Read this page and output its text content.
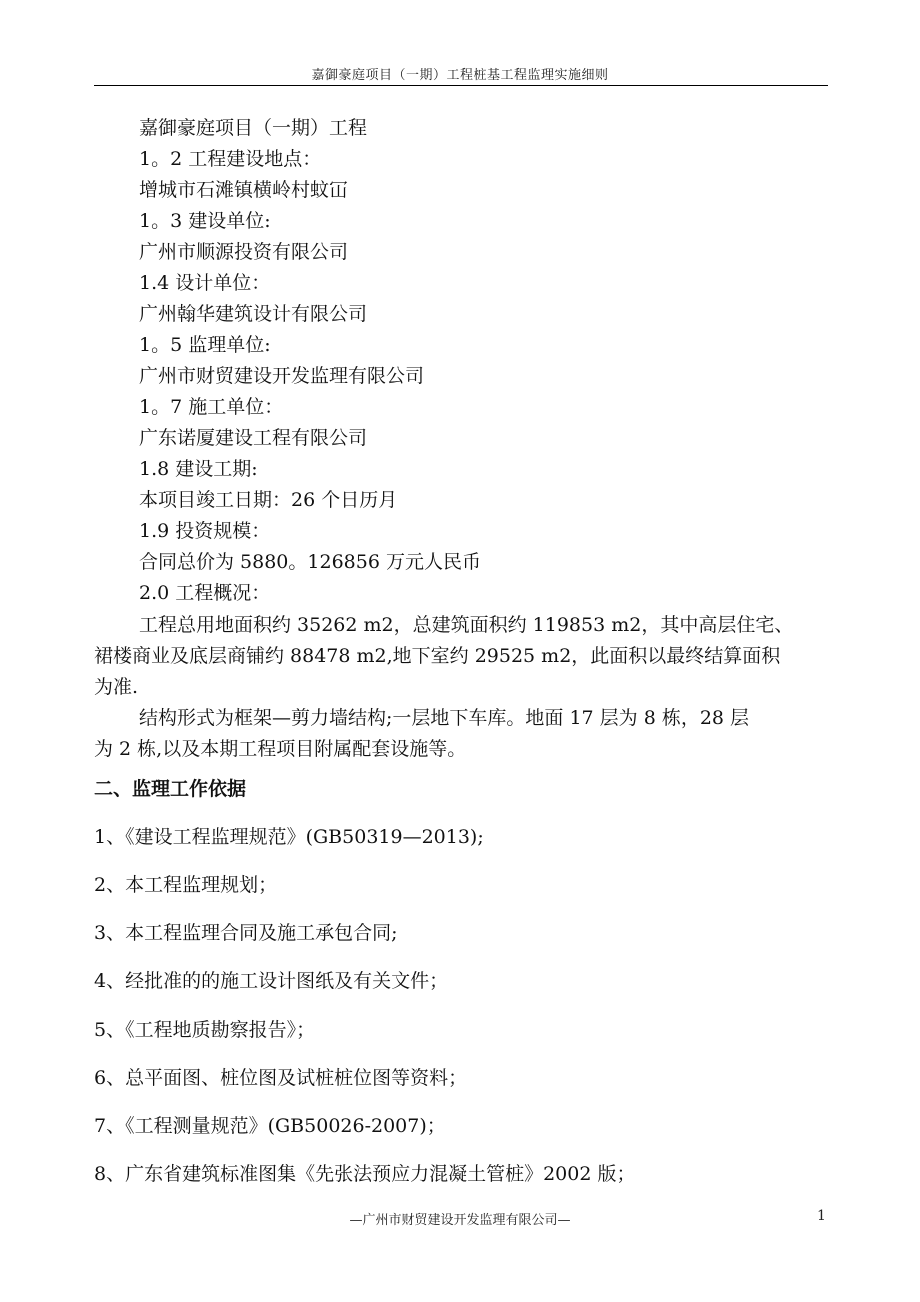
嘉御豪庭项目（一期）工程桩基工程监理实施细则
嘉御豪庭项目（一期）工程
1。2 工程建设地点：
增城市石滩镇横岭村蚊冚
1。3 建设单位:
广州市顺源投资有限公司
1.4 设计单位：
广州翰华建筑设计有限公司
1。5 监理单位:
广州市财贸建设开发监理有限公司
1。7 施工单位：
广东诺厦建设工程有限公司
1.8 建设工期:
本项目竣工日期：26 个日历月
1.9 投资规模：
合同总价为 5880。126856 万元人民币
2.0 工程概况：
工程总用地面积约 35262 m2，总建筑面积约 119853 m2，其中高层住宅、
裙楼商业及底层商铺约 88478 m2,地下室约 29525 m2，此面积以最终结算面积
为准.
结构形式为框架—剪力墙结构;一层地下车库。地面 17 层为 8 栋，28 层
为 2 栋,以及本期工程项目附属配套设施等。
二、监理工作依据
1、《建设工程监理规范》(GB50319—2013);
2、本工程监理规划；
3、本工程监理合同及施工承包合同;
4、经批准的的施工设计图纸及有关文件；
5、《工程地质勘察报告》；
6、总平面图、桩位图及试桩桩位图等资料；
7、《工程测量规范》(GB50026-2007)；
8、广东省建筑标准图集《先张法预应力混凝土管桩》2002 版；
—广州市财贸建设开发监理有限公司—	1
